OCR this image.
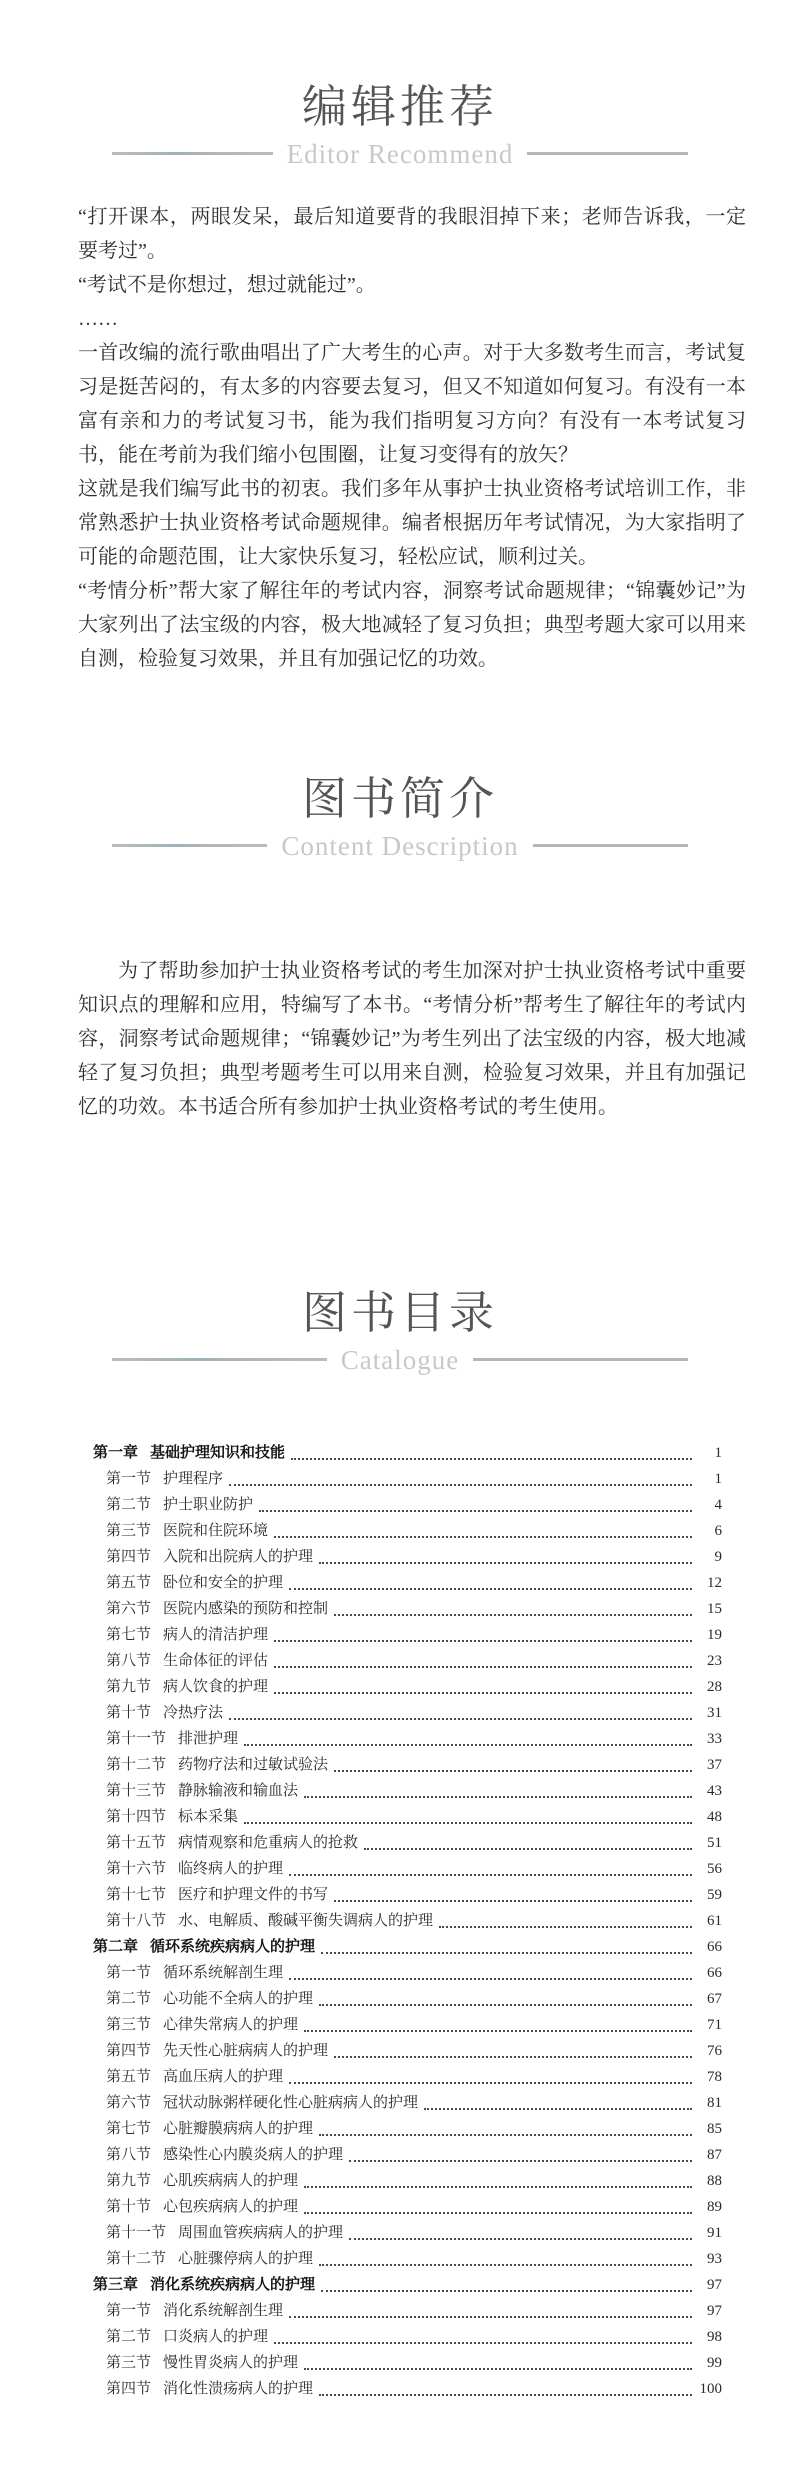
编辑推荐
Editor Recommend

“打开课本，两眼发呆，最后知道要背的我眼泪掉下来；老师告诉我，一定要考过”。

“考试不是你想过，想过就能过”。

……

一首改编的流行歌曲唱出了广大考生的心声。对于大多数考生而言，考试复习是挺苦闷的，有太多的内容要去复习，但又不知道如何复习。有没有一本富有亲和力的考试复习书，能为我们指明复习方向？有没有一本考试复习书，能在考前为我们缩小包围圈，让复习变得有的放矢？

这就是我们编写此书的初衷。我们多年从事护士执业资格考试培训工作，非常熟悉护士执业资格考试命题规律。编者根据历年考试情况，为大家指明了可能的命题范围，让大家快乐复习，轻松应试，顺利过关。

“考情分析”帮大家了解往年的考试内容，洞察考试命题规律；“锦囊妙记”为大家列出了法宝级的内容，极大地减轻了复习负担；典型考题大家可以用来自测，检验复习效果，并且有加强记忆的功效。

图书简介
Content Description

为了帮助参加护士执业资格考试的考生加深对护士执业资格考试中重要知识点的理解和应用，特编写了本书。“考情分析”帮考生了解往年的考试内容，洞察考试命题规律；“锦囊妙记”为考生列出了法宝级的内容，极大地减轻了复习负担；典型考题考生可以用来自测，检验复习效果，并且有加强记忆的功效。本书适合所有参加护士执业资格考试的考生使用。

图书目录
Catalogue
第一章 基础护理知识和技能	1
第一节 护理程序	1
第二节 护士职业防护	4
第三节 医院和住院环境	6
第四节 入院和出院病人的护理	9
第五节 卧位和安全的护理	12
第六节 医院内感染的预防和控制	15
第七节 病人的清洁护理	19
第八节 生命体征的评估	23
第九节 病人饮食的护理	28
第十节 冷热疗法	31
第十一节 排泄护理	33
第十二节 药物疗法和过敏试验法	37
第十三节 静脉输液和输血法	43
第十四节 标本采集	48
第十五节 病情观察和危重病人的抢救	51
第十六节 临终病人的护理	56
第十七节 医疗和护理文件的书写	59
第十八节 水、电解质、酸碱平衡失调病人的护理	61
第二章 循环系统疾病病人的护理	66
第一节 循环系统解剖生理	66
第二节 心功能不全病人的护理	67
第三节 心律失常病人的护理	71
第四节 先天性心脏病病人的护理	76
第五节 高血压病人的护理	78
第六节 冠状动脉粥样硬化性心脏病病人的护理	81
第七节 心脏瓣膜病病人的护理	85
第八节 感染性心内膜炎病人的护理	87
第九节 心肌疾病病人的护理	88
第十节 心包疾病病人的护理	89
第十一节 周围血管疾病病人的护理	91
第十二节 心脏骤停病人的护理	93
第三章 消化系统疾病病人的护理	97
第一节 消化系统解剖生理	97
第二节 口炎病人的护理	98
第三节 慢性胃炎病人的护理	99
第四节 消化性溃疡病人的护理	100
